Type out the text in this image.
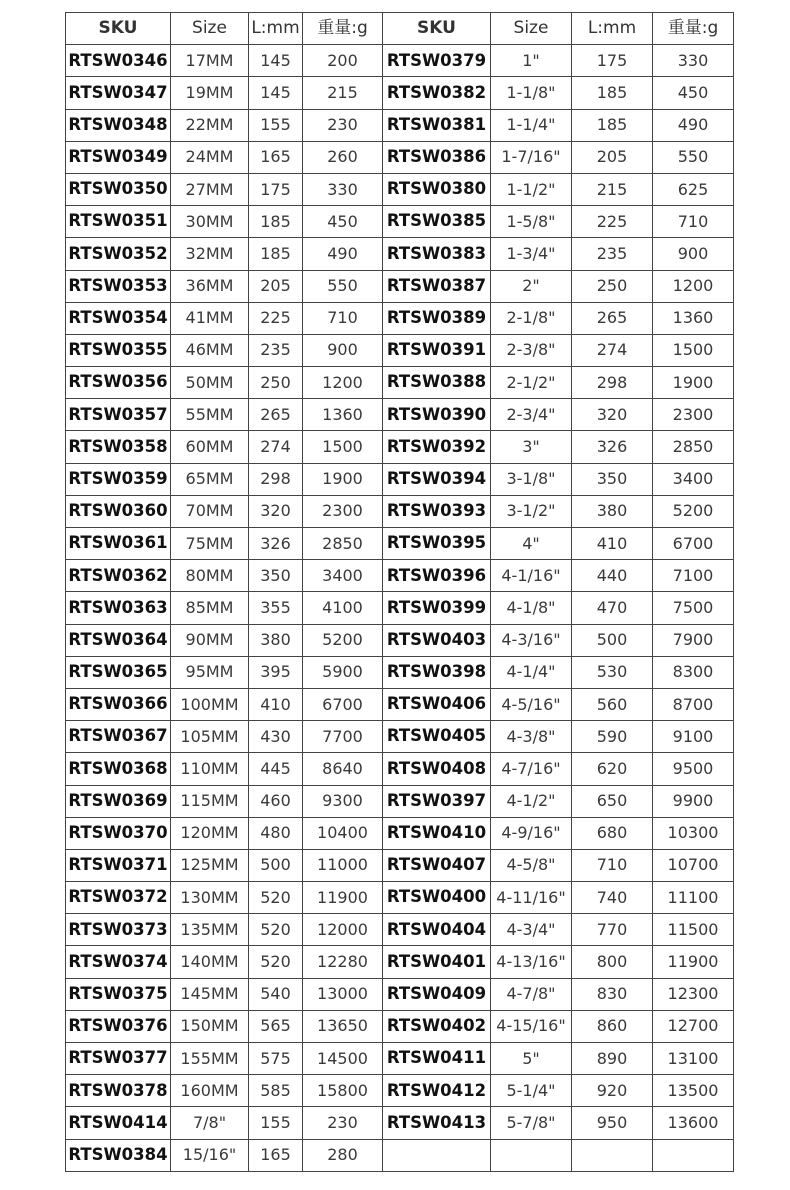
SKU	Size	L:mm	重量:g	SKU	Size	L:mm	重量:g
RTSW0346	17MM	145	200	RTSW0379	1"	175	330
RTSW0347	19MM	145	215	RTSW0382	1-1/8"	185	450
RTSW0348	22MM	155	230	RTSW0381	1-1/4"	185	490
RTSW0349	24MM	165	260	RTSW0386	1-7/16"	205	550
RTSW0350	27MM	175	330	RTSW0380	1-1/2"	215	625
RTSW0351	30MM	185	450	RTSW0385	1-5/8"	225	710
RTSW0352	32MM	185	490	RTSW0383	1-3/4"	235	900
RTSW0353	36MM	205	550	RTSW0387	2"	250	1200
RTSW0354	41MM	225	710	RTSW0389	2-1/8"	265	1360
RTSW0355	46MM	235	900	RTSW0391	2-3/8"	274	1500
RTSW0356	50MM	250	1200	RTSW0388	2-1/2"	298	1900
RTSW0357	55MM	265	1360	RTSW0390	2-3/4"	320	2300
RTSW0358	60MM	274	1500	RTSW0392	3"	326	2850
RTSW0359	65MM	298	1900	RTSW0394	3-1/8"	350	3400
RTSW0360	70MM	320	2300	RTSW0393	3-1/2"	380	5200
RTSW0361	75MM	326	2850	RTSW0395	4"	410	6700
RTSW0362	80MM	350	3400	RTSW0396	4-1/16"	440	7100
RTSW0363	85MM	355	4100	RTSW0399	4-1/8"	470	7500
RTSW0364	90MM	380	5200	RTSW0403	4-3/16"	500	7900
RTSW0365	95MM	395	5900	RTSW0398	4-1/4"	530	8300
RTSW0366	100MM	410	6700	RTSW0406	4-5/16"	560	8700
RTSW0367	105MM	430	7700	RTSW0405	4-3/8"	590	9100
RTSW0368	110MM	445	8640	RTSW0408	4-7/16"	620	9500
RTSW0369	115MM	460	9300	RTSW0397	4-1/2"	650	9900
RTSW0370	120MM	480	10400	RTSW0410	4-9/16"	680	10300
RTSW0371	125MM	500	11000	RTSW0407	4-5/8"	710	10700
RTSW0372	130MM	520	11900	RTSW0400	4-11/16"	740	11100
RTSW0373	135MM	520	12000	RTSW0404	4-3/4"	770	11500
RTSW0374	140MM	520	12280	RTSW0401	4-13/16"	800	11900
RTSW0375	145MM	540	13000	RTSW0409	4-7/8"	830	12300
RTSW0376	150MM	565	13650	RTSW0402	4-15/16"	860	12700
RTSW0377	155MM	575	14500	RTSW0411	5"	890	13100
RTSW0378	160MM	585	15800	RTSW0412	5-1/4"	920	13500
RTSW0414	7/8"	155	230	RTSW0413	5-7/8"	950	13600
RTSW0384	15/16"	165	280				
